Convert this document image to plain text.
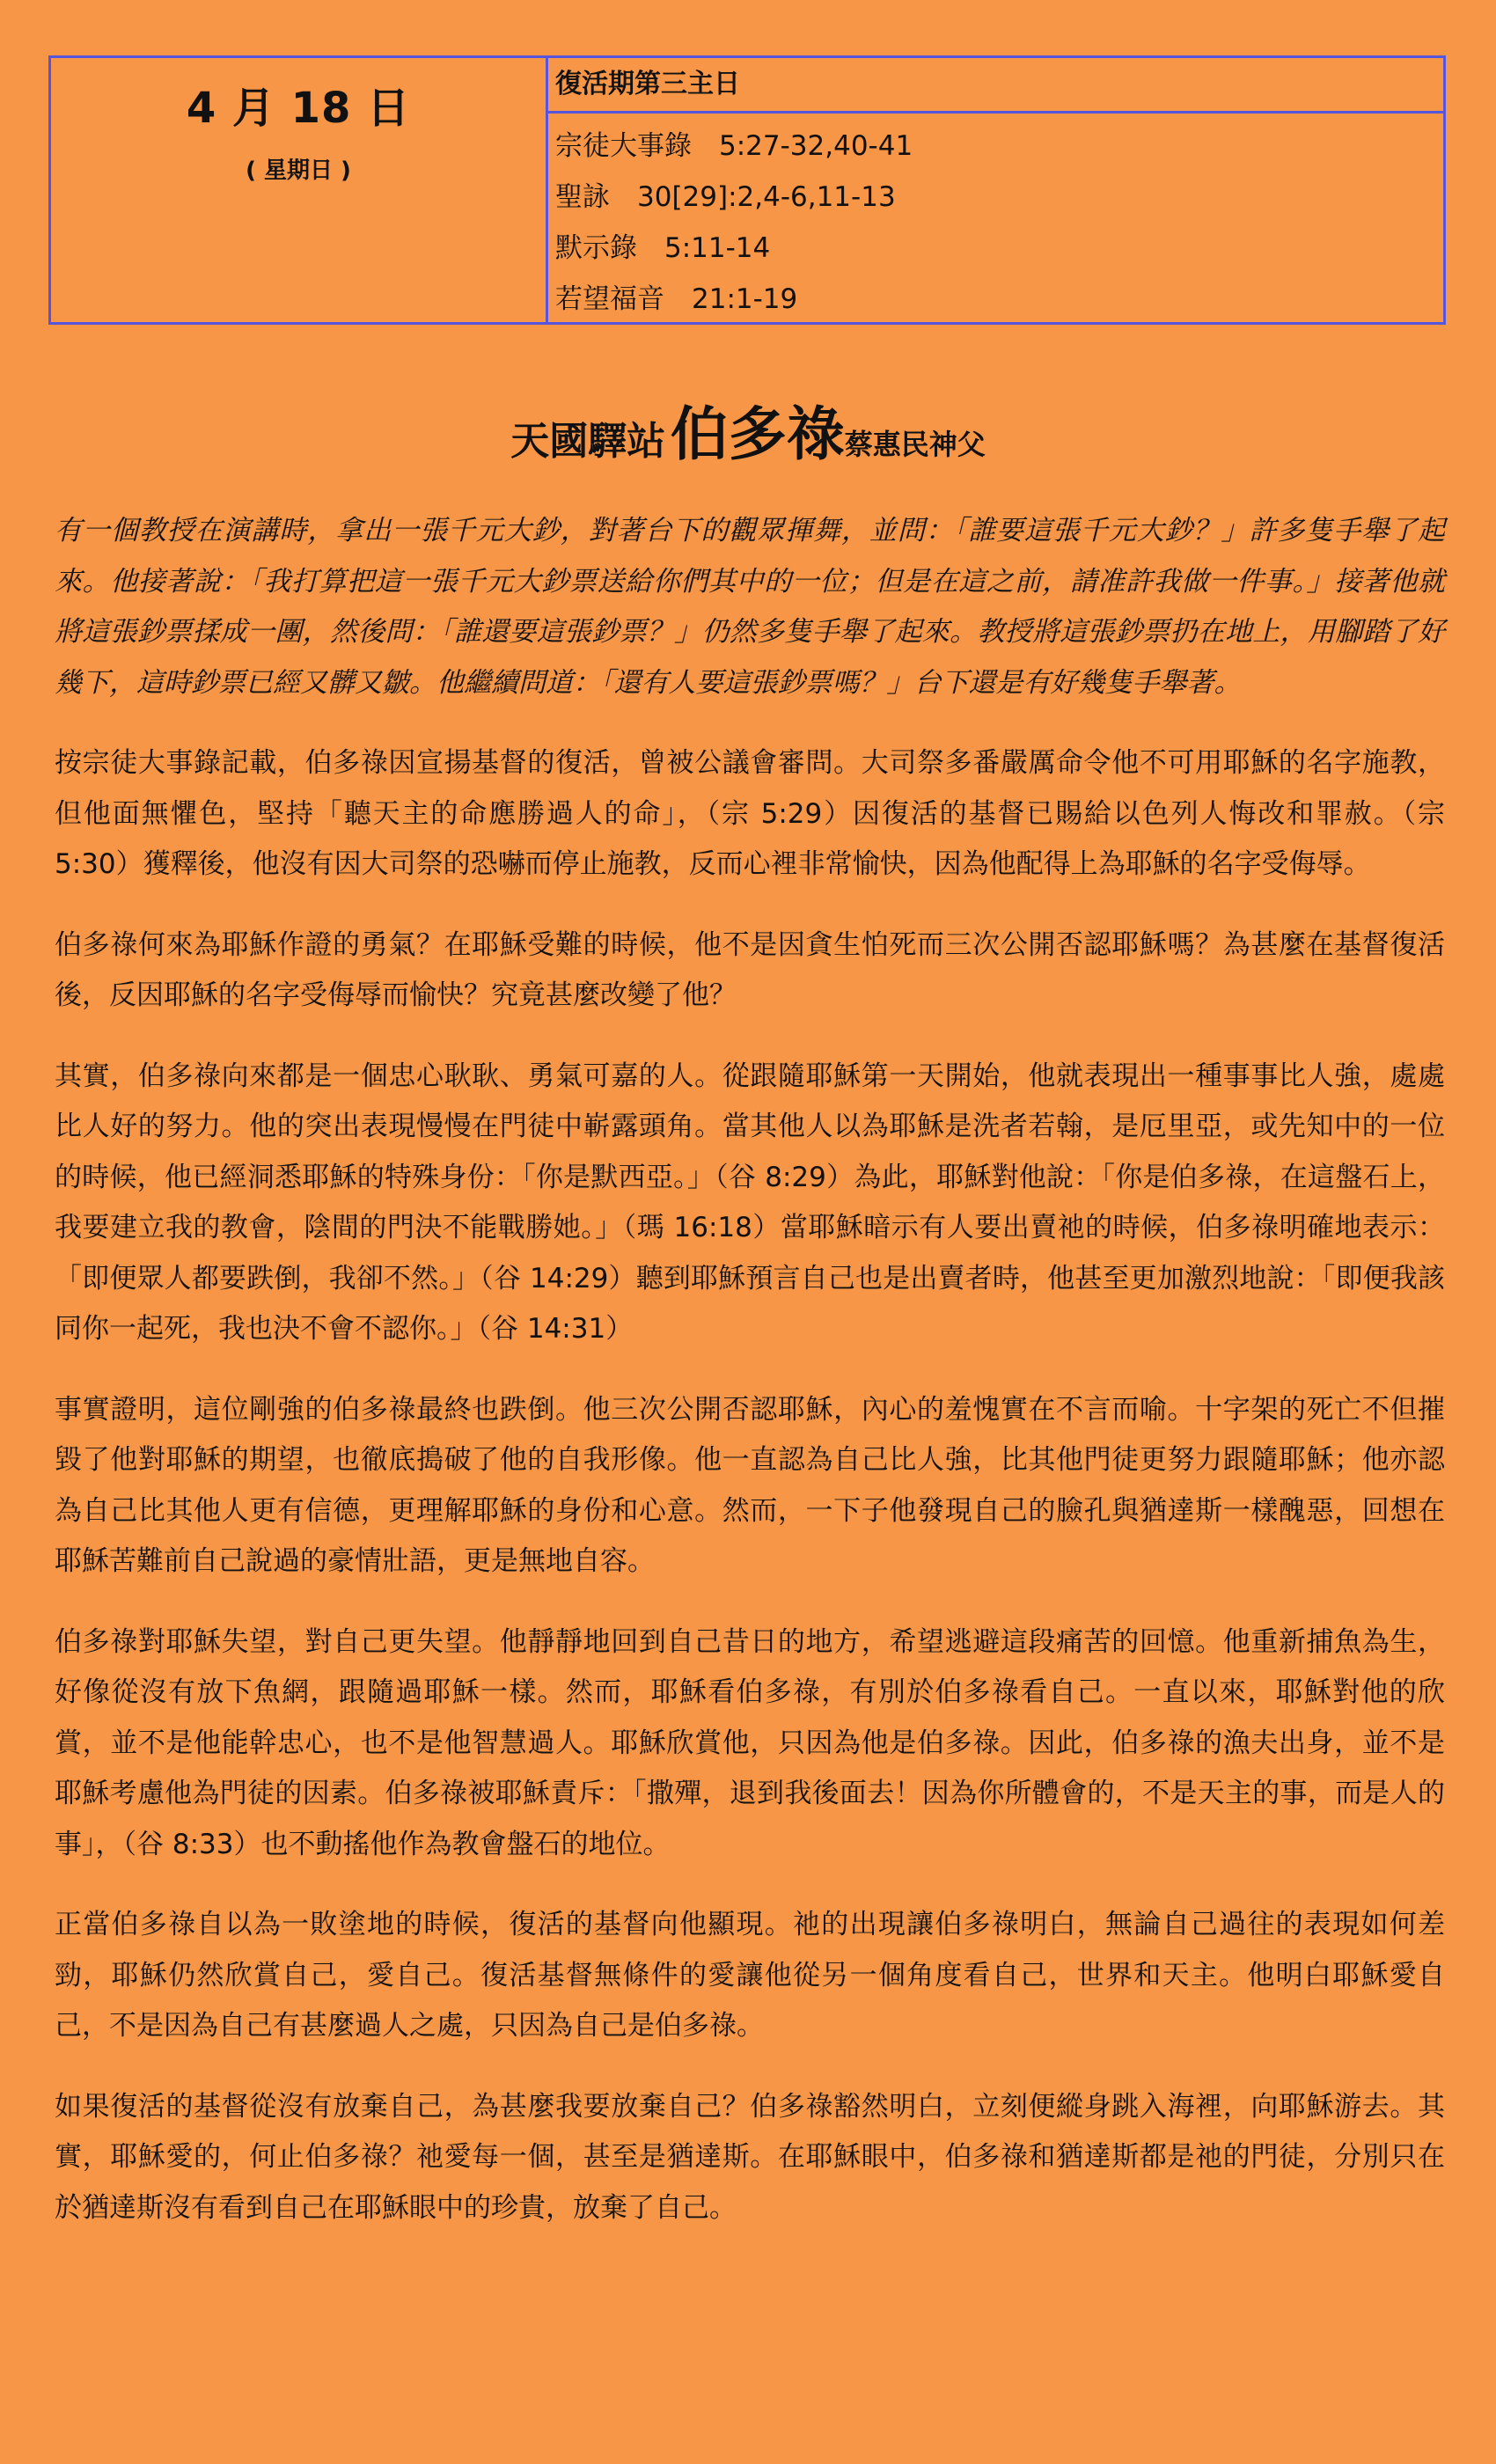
4 月 18 日
( 星期日 )
復活期第三主日
宗徒大事錄　5:27-32,40-41
聖詠　30[29]:2,4-6,11-13
默示錄　5:11-14
若望福音　21:1-19
天國驛站 伯多祿蔡惠民神父

有一個教授在演講時，拿出一張千元大鈔，對著台下的觀眾揮舞，並問：「誰要這張千元大鈔？」許多隻手舉了起來。他接著說：「我打算把這一張千元大鈔票送給你們其中的一位；但是在這之前，請准許我做一件事。」接著他就將這張鈔票揉成一團，然後問：「誰還要這張鈔票？」仍然多隻手舉了起來。教授將這張鈔票扔在地上，用腳踏了好幾下，這時鈔票已經又髒又皺。他繼續問道：「還有人要這張鈔票嗎？」台下還是有好幾隻手舉著。

按宗徒大事錄記載，伯多祿因宣揚基督的復活，曾被公議會審問。大司祭多番嚴厲命令他不可用耶穌的名字施教，但他面無懼色，堅持「聽天主的命應勝過人的命」，（宗 5:29）因復活的基督已賜給以色列人悔改和罪赦。（宗 5:30）獲釋後，他沒有因大司祭的恐嚇而停止施教，反而心裡非常愉快，因為他配得上為耶穌的名字受侮辱。

伯多祿何來為耶穌作證的勇氣？在耶穌受難的時候，他不是因貪生怕死而三次公開否認耶穌嗎？為甚麼在基督復活後，反因耶穌的名字受侮辱而愉快？究竟甚麼改變了他？

其實，伯多祿向來都是一個忠心耿耿、勇氣可嘉的人。從跟隨耶穌第一天開始，他就表現出一種事事比人強，處處比人好的努力。他的突出表現慢慢在門徒中嶄露頭角。當其他人以為耶穌是洗者若翰，是厄里亞，或先知中的一位的時候，他已經洞悉耶穌的特殊身份：「你是默西亞。」（谷 8:29）為此，耶穌對他說：「你是伯多祿，在這盤石上，我要建立我的教會，陰間的門決不能戰勝她。」（瑪 16:18）當耶穌暗示有人要出賣祂的時候，伯多祿明確地表示：「即便眾人都要跌倒，我卻不然。」（谷 14:29）聽到耶穌預言自己也是出賣者時，他甚至更加激烈地說：「即便我該同你一起死，我也決不會不認你。」（谷 14:31）

事實證明，這位剛強的伯多祿最終也跌倒。他三次公開否認耶穌，內心的羞愧實在不言而喻。十字架的死亡不但摧毀了他對耶穌的期望，也徹底搗破了他的自我形像。他一直認為自己比人強，比其他門徒更努力跟隨耶穌；他亦認為自己比其他人更有信德，更理解耶穌的身份和心意。然而，一下子他發現自己的臉孔與猶達斯一樣醜惡，回想在耶穌苦難前自己說過的豪情壯語，更是無地自容。

伯多祿對耶穌失望，對自己更失望。他靜靜地回到自己昔日的地方，希望逃避這段痛苦的回憶。他重新捕魚為生，好像從沒有放下魚網，跟隨過耶穌一樣。然而，耶穌看伯多祿，有別於伯多祿看自己。一直以來，耶穌對他的欣賞，並不是他能幹忠心，也不是他智慧過人。耶穌欣賞他，只因為他是伯多祿。因此，伯多祿的漁夫出身，並不是耶穌考慮他為門徒的因素。伯多祿被耶穌責斥：「撒殫，退到我後面去！因為你所體會的，不是天主的事，而是人的事」，（谷 8:33）也不動搖他作為教會盤石的地位。

正當伯多祿自以為一敗塗地的時候，復活的基督向他顯現。祂的出現讓伯多祿明白，無論自己過往的表現如何差勁，耶穌仍然欣賞自己，愛自己。復活基督無條件的愛讓他從另一個角度看自己，世界和天主。他明白耶穌愛自己，不是因為自己有甚麼過人之處，只因為自己是伯多祿。

如果復活的基督從沒有放棄自己，為甚麼我要放棄自己？伯多祿豁然明白，立刻便縱身跳入海裡，向耶穌游去。其實，耶穌愛的，何止伯多祿？祂愛每一個，甚至是猶達斯。在耶穌眼中，伯多祿和猶達斯都是祂的門徒，分別只在於猶達斯沒有看到自己在耶穌眼中的珍貴，放棄了自己。
